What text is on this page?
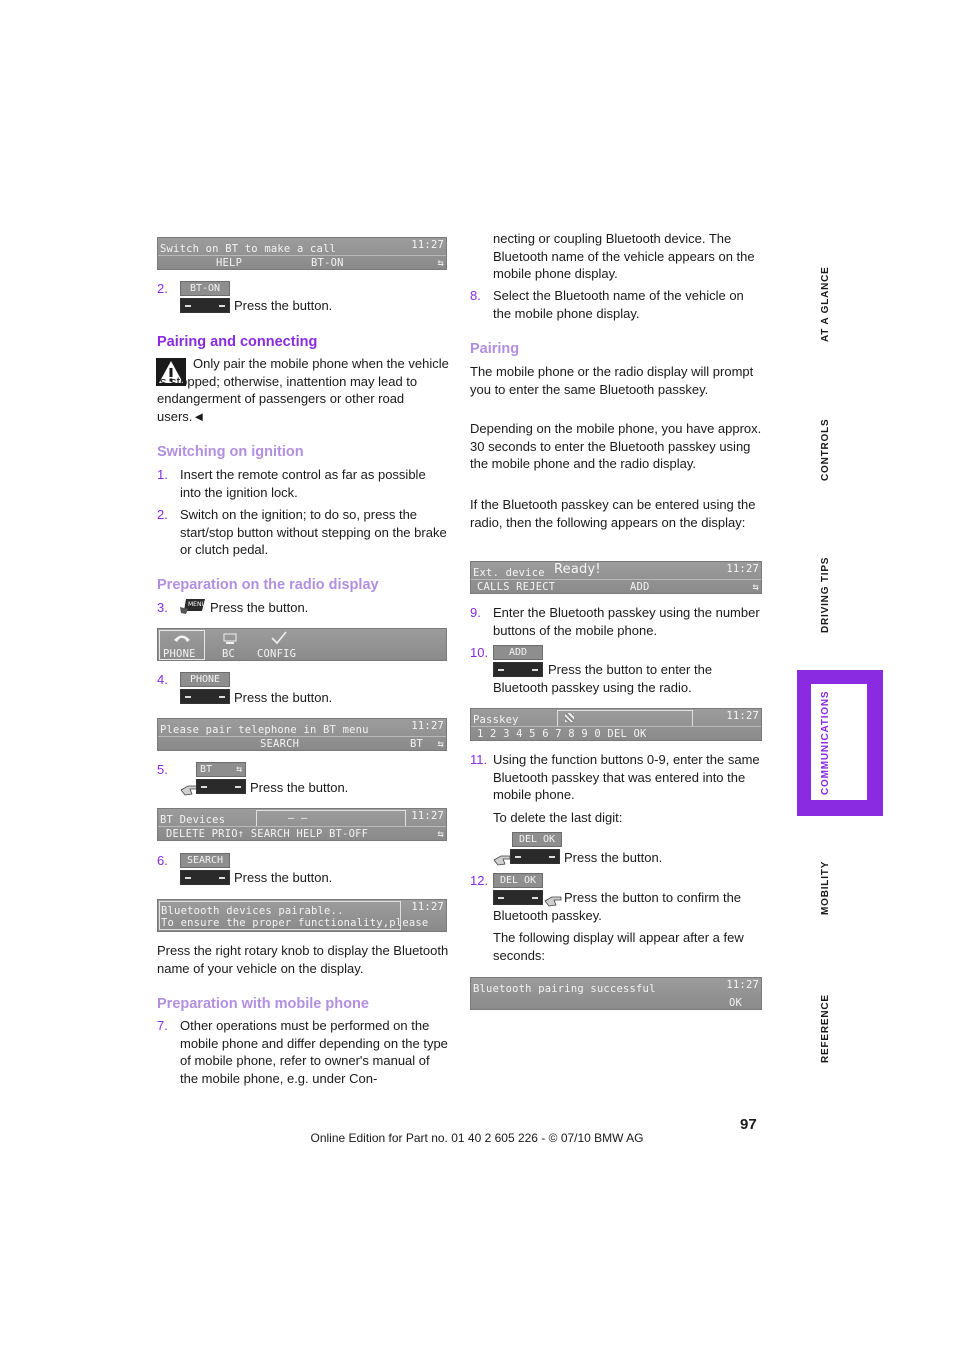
Switch on BT to make a call	11:27
HELP	BT-ON	⇆
2.	BT-ON
Press the button.
Pairing and connecting
Only pair the mobile phone when the vehicle is stopped; otherwise, inattention may lead to endangerment of passengers or other road users.◄
Switching on ignition
1. Insert the remote control as far as possible into the ignition lock.
2. Switch on the ignition; to do so, press the start/stop button without stepping on the brake or clutch pedal.
Preparation on the radio display
3.	MENU Press the button.
PHONE	BC CONFIG
4.	PHONE
Press the button.
Please pair telephone in BT menu	11:27
SEARCH	BT ⇆
5.	BT	⇆
Press the button.
BT Devices	– –	11:27
DELETE PRIO↑ SEARCH HELP BT-OFF	⇆
6.	SEARCH
Press the button.
Bluetooth devices pairable..
To ensure the proper functionality,please
11:27
Press the right rotary knob to display the Bluetooth name of your vehicle on the display.
Preparation with mobile phone
7. Other operations must be performed on the mobile phone and differ depending on the type of mobile phone, refer to owner's manual of the mobile phone, e.g. under Con-
necting or coupling Bluetooth device. The Bluetooth name of the vehicle appears on the mobile phone display.
8. Select the Bluetooth name of the vehicle on the mobile phone display.
Pairing
The mobile phone or the radio display will prompt you to enter the same Bluetooth passkey.
Depending on the mobile phone, you have approx. 30 seconds to enter the Bluetooth passkey using the mobile phone and the radio display.
If the Bluetooth passkey can be entered using the radio, then the following appears on the display:
Ext. device Ready!	11:27
CALLS REJECT	ADD	⇆
9. Enter the Bluetooth passkey using the number buttons of the mobile phone.
10.	ADD
Press the button to enter the Bluetooth passkey using the radio.
Passkey	11:27
1 2 3 4 5 6 7 8 9 0 DEL OK
11. Using the function buttons 0-9, enter the same Bluetooth passkey that was entered into the mobile phone.
To delete the last digit:
DEL OK
Press the button.
12.	DEL OK
Press the button to confirm the Bluetooth passkey.
The following display will appear after a few seconds:
Bluetooth pairing successful	11:27
OK
AT A GLANCE
CONTROLS
DRIVING TIPS
COMMUNICATIONS
MOBILITY
REFERENCE
97
Online Edition for Part no. 01 40 2 605 226 - © 07/10 BMW AG
